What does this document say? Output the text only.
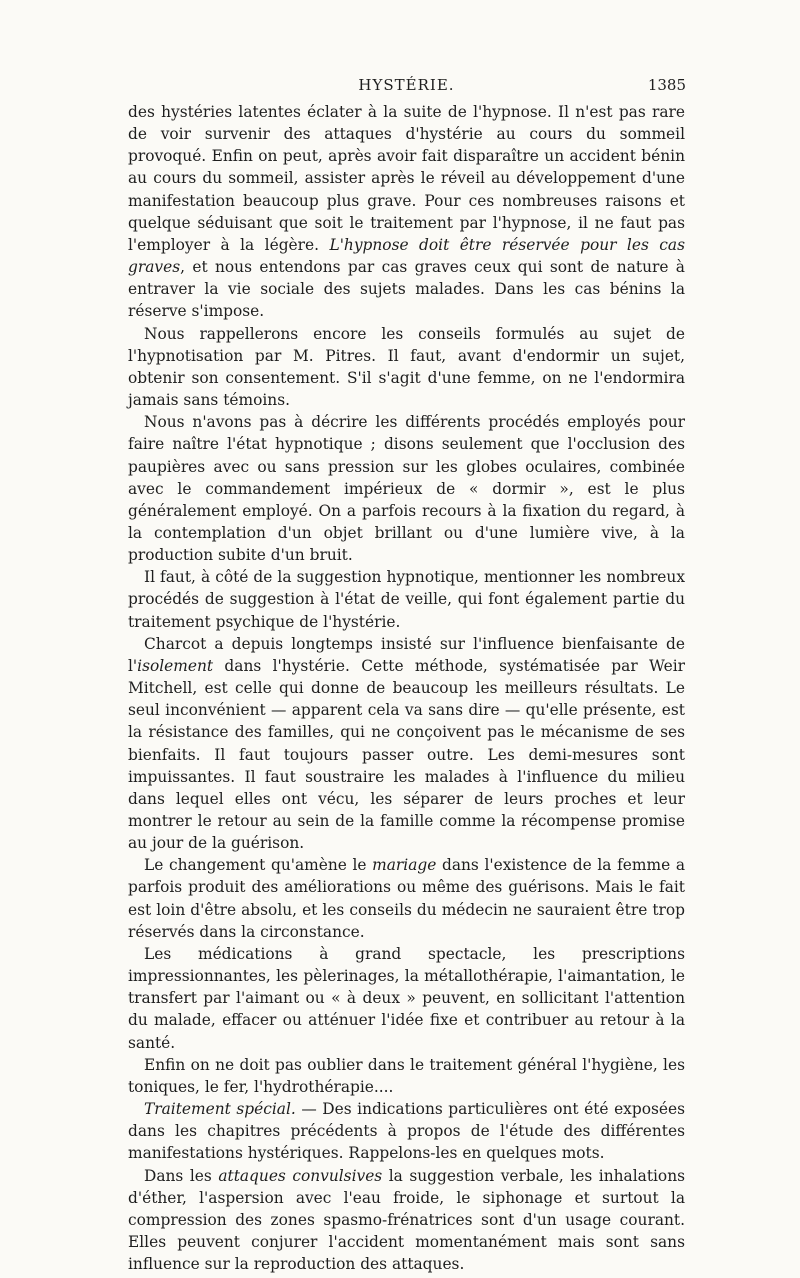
HYSTÉRIE.	1385

des hystéries latentes éclater à la suite de l'hypnose. Il n'est pas rare de voir survenir des attaques d'hystérie au cours du sommeil provoqué. Enfin on peut, après avoir fait disparaître un accident bénin au cours du sommeil, assister après le réveil au développement d'une manifestation beaucoup plus grave. Pour ces nombreuses raisons et quelque séduisant que soit le traitement par l'hypnose, il ne faut pas l'employer à la légère. L'hypnose doit être réservée pour les cas graves, et nous entendons par cas graves ceux qui sont de nature à entraver la vie sociale des sujets malades. Dans les cas bénins la réserve s'impose.

Nous rappellerons encore les conseils formulés au sujet de l'hypnotisation par M. Pitres. Il faut, avant d'endormir un sujet, obtenir son consentement. S'il s'agit d'une femme, on ne l'endormira jamais sans témoins.

Nous n'avons pas à décrire les différents procédés employés pour faire naître l'état hypnotique ; disons seulement que l'occlusion des paupières avec ou sans pression sur les globes oculaires, combinée avec le commandement impérieux de « dormir », est le plus généralement employé. On a parfois recours à la fixation du regard, à la contemplation d'un objet brillant ou d'une lumière vive, à la production subite d'un bruit.

Il faut, à côté de la suggestion hypnotique, mentionner les nombreux procédés de suggestion à l'état de veille, qui font également partie du traitement psychique de l'hystérie.

Charcot a depuis longtemps insisté sur l'influence bienfaisante de l'isolement dans l'hystérie. Cette méthode, systématisée par Weir Mitchell, est celle qui donne de beaucoup les meilleurs résultats. Le seul inconvénient — apparent cela va sans dire — qu'elle présente, est la résistance des familles, qui ne conçoivent pas le mécanisme de ses bienfaits. Il faut toujours passer outre. Les demi-mesures sont impuissantes. Il faut soustraire les malades à l'influence du milieu dans lequel elles ont vécu, les séparer de leurs proches et leur montrer le retour au sein de la famille comme la récompense promise au jour de la guérison.

Le changement qu'amène le mariage dans l'existence de la femme a parfois produit des améliorations ou même des guérisons. Mais le fait est loin d'être absolu, et les conseils du médecin ne sauraient être trop réservés dans la circonstance.

Les médications à grand spectacle, les prescriptions impressionnantes, les pèlerinages, la métallothérapie, l'aimantation, le transfert par l'aimant ou « à deux » peuvent, en sollicitant l'attention du malade, effacer ou atténuer l'idée fixe et contribuer au retour à la santé.

Enfin on ne doit pas oublier dans le traitement général l'hygiène, les toniques, le fer, l'hydrothérapie....

Traitement spécial. — Des indications particulières ont été exposées dans les chapitres précédents à propos de l'étude des différentes manifestations hystériques. Rappelons-les en quelques mots.

Dans les attaques convulsives la suggestion verbale, les inhalations d'éther, l'aspersion avec l'eau froide, le siphonage et surtout la compression des zones spasmo-frénatrices sont d'un usage courant. Elles peuvent conjurer l'accident momentanément mais sont sans influence sur la reproduction des attaques.
